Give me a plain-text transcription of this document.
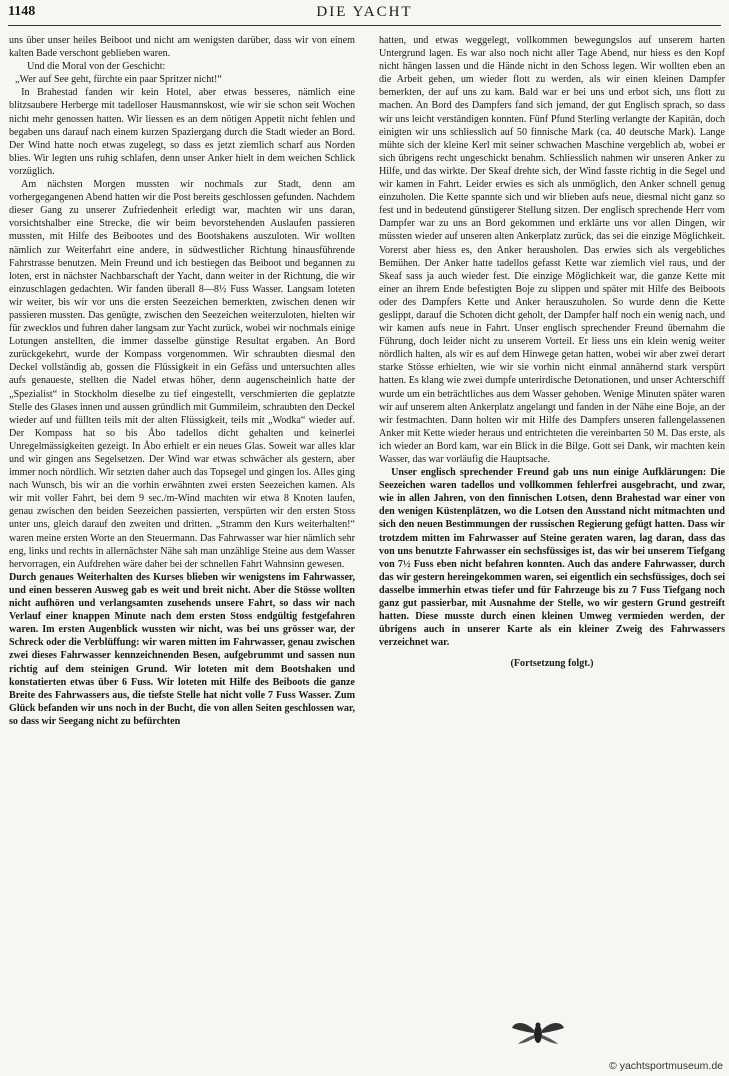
1148	DIE YACHT

uns über unser heiles Beiboot und nicht am wenigsten darüber, dass wir von einem kalten Bade verschont geblieben waren.

Und die Moral von der Geschicht:

„Wer auf See geht, fürchte ein paar Spritzer nicht!“

In Brahestad fanden wir kein Hotel, aber etwas besseres, nämlich eine blitzsaubere Herberge mit tadelloser Hausmannskost, wie wir sie schon seit Wochen nicht mehr genossen hatten. Wir liessen es an dem nötigen Appetit nicht fehlen und begaben uns darauf nach einem kurzen Spaziergang durch die Stadt wieder an Bord. Der Wind hatte noch etwas zugelegt, so dass es jetzt ziemlich scharf aus Norden blies. Wir legten uns ruhig schlafen, denn unser Anker hielt in dem weichen Schlick vorzüglich.

Am nächsten Morgen mussten wir nochmals zur Stadt, denn am vorhergegangenen Abend hatten wir die Post bereits geschlossen gefunden. Nachdem dieser Gang zu unserer Zufriedenheit erledigt war, machten wir uns daran, vorsichtshalber eine Strecke, die wir beim bevorstehenden Auslaufen passieren mussten, mit Hilfe des Beibootes und des Bootshakens auszuloten. Wir wollten nämlich zur Weiterfahrt eine andere, in südwestlicher Richtung hinausführende Fahrstrasse benutzen. Mein Freund und ich bestiegen das Beiboot und begannen zu loten, erst in nächster Nachbarschaft der Yacht, dann weiter in der Richtung, die wir einzuschlagen gedachten. Wir fanden überall 8—8½ Fuss Wasser. Langsam loteten wir weiter, bis wir vor uns die ersten Seezeichen bemerkten, zwischen denen wir passieren mussten. Das genügte, zwischen den Seezeichen weiterzuloten, hielten wir für zwecklos und fuhren daher langsam zur Yacht zurück, wobei wir nochmals einige Lotungen anstellten, die immer dasselbe günstige Resultat ergaben. An Bord zurückgekehrt, wurde der Kompass vorgenommen. Wir schraubten diesmal den Deckel vollständig ab, gossen die Flüssigkeit in ein Gefäss und untersuchten alles aufs genaueste, stellten die Nadel etwas höher, denn augenscheinlich hatte der „Spezialist“ in Stockholm dieselbe zu tief eingestellt, verschmierten die geplatzte Stelle des Glases innen und aussen gründlich mit Gummileim, schraubten den Deckel wieder auf und füllten teils mit der alten Flüssigkeit, teils mit „Wodka“ wieder auf. Der Kompass hat so bis Åbo tadellos dicht gehalten und keinerlei Unregelmässigkeiten gezeigt. In Åbo erhielt er ein neues Glas. Soweit war alles klar und wir gingen ans Segelsetzen. Der Wind war etwas schwächer als gestern, aber immer noch nördlich. Wir setzten daher auch das Topsegel und gingen los. Alles ging nach Wunsch, bis wir an die vorhin erwähnten zwei ersten Seezeichen kamen. Als wir mit voller Fahrt, bei dem 9 sec./m-Wind machten wir etwa 8 Knoten laufen, genau zwischen den beiden Seezeichen passierten, verspürten wir den ersten Stoss unter uns, gleich darauf den zweiten und dritten. „Stramm den Kurs weiterhalten!“ waren meine ersten Worte an den Steuermann. Das Fahrwasser war hier nämlich sehr eng, links und rechts in allernächster Nähe sah man unzählige Steine aus dem Wasser hervorragen, ein Aufdrehen wäre daher bei der schnellen Fahrt Wahnsinn gewesen.

Durch genaues Weiterhalten des Kurses blieben wir wenigstens im Fahrwasser, und einen besseren Ausweg gab es weit und breit nicht. Aber die Stösse wollten nicht aufhören und verlangsamten zusehends unsere Fahrt, so dass wir nach Verlauf einer knappen Minute nach dem ersten Stoss endgültig festgefahren waren. Im ersten Augenblick wussten wir nicht, was bei uns grösser war, der Schreck oder die Verblüffung: wir waren mitten im Fahrwasser, genau zwischen zwei dieses Fahrwasser kennzeichnenden Besen, aufgebrummt und sassen nun richtig auf dem steinigen Grund. Wir loteten mit dem Bootshaken und konstatierten etwas über 6 Fuss. Wir loteten mit Hilfe des Beiboots die ganze Breite des Fahrwassers aus, die tiefste Stelle hat nicht volle 7 Fuss Wasser. Zum Glück befanden wir uns noch in der Bucht, die von allen Seiten geschlossen war, so dass wir Seegang nicht zu befürchten

hatten, und etwas weggelegt, vollkommen bewegungslos auf unserem harten Untergrund lagen. Es war also noch nicht aller Tage Abend, nur hiess es den Kopf nicht hängen lassen und die Hände nicht in den Schoss legen. Wir wollten eben an die Arbeit gehen, um wieder flott zu werden, als wir einen kleinen Dampfer bemerkten, der auf uns zu kam. Bald war er bei uns und erbot sich, uns flott zu machen. An Bord des Dampfers fand sich jemand, der gut Englisch sprach, so dass wir uns leicht verständigen konnten. Fünf Pfund Sterling verlangte der Kapitän, doch einigten wir uns schliesslich auf 50 finnische Mark (ca. 40 deutsche Mark). Lange mühte sich der kleine Kerl mit seiner schwachen Maschine vergeblich ab, wobei er sich übrigens recht ungeschickt benahm. Schliesslich nahmen wir unseren Anker zu Hilfe, und das wirkte. Der Skeaf drehte sich, der Wind fasste richtig in die Segel und wir kamen in Fahrt. Leider erwies es sich als unmöglich, den Anker schnell genug einzuholen. Die Kette spannte sich und wir blieben aufs neue, diesmal nicht ganz so fest und in bedeutend günstigerer Stellung sitzen. Der englisch sprechende Herr vom Dampfer war zu uns an Bord gekommen und erklärte uns vor allen Dingen, wir müssten wieder auf unseren alten Ankerplatz zurück, das sei die einzige Möglichkeit. Vorerst aber hiess es, den Anker herausholen. Das erwies sich als vergebliches Bemühen. Der Anker hatte tadellos gefasst Kette war ziemlich viel raus, und der Skeaf sass ja auch wieder fest. Die einzige Möglichkeit war, die ganze Kette mit einer an ihrem Ende befestigten Boje zu slippen und später mit Hilfe des Beiboots oder des Dampfers Kette und Anker herauszuholen. So wurde denn die Kette geslippt, darauf die Schoten dicht geholt, der Dampfer half noch ein wenig nach, und wir kamen aufs neue in Fahrt. Unser englisch sprechender Freund übernahm die Führung, doch leider nicht zu unserem Vorteil. Er liess uns ein klein wenig weiter nördlich halten, als wir es auf dem Hinwege getan hatten, wobei wir aber zwei derart starke Stösse erhielten, wie wir sie vorhin nicht einmal annähernd stark verspürt hatten. Es klang wie zwei dumpfe unterirdische Detonationen, und unser Achterschiff wurde um ein beträchtliches aus dem Wasser gehoben. Wenige Minuten später waren wir auf unserem alten Ankerplatz angelangt und fanden in der Nähe eine Boje, an der wir festmachten. Dann holten wir mit Hilfe des Dampfers unseren fallengelassenen Anker mit Kette wieder heraus und entrichteten die vereinbarten 50 M. Das erste, als ich wieder an Bord kam, war ein Blick in die Bilge. Gott sei Dank, wir machten kein Wasser, das war vorläufig die Hauptsache.

Unser englisch sprechender Freund gab uns nun einige Aufklärungen: Die Seezeichen waren tadellos und vollkommen fehlerfrei ausgebracht, und zwar, wie in allen Jahren, von den finnischen Lotsen, denn Brahestad war einer von den wenigen Küstenplätzen, wo die Lotsen den Ausstand nicht mitmachten und sich den neuen Bestimmungen der russischen Regierung gefügt hatten. Dass wir trotzdem mitten im Fahrwasser auf Steine geraten waren, lag daran, dass das von uns benutzte Fahrwasser ein sechsfüssiges ist, das wir bei unserem Tiefgang von 7½ Fuss eben nicht befahren konnten. Auch das andere Fahrwasser, durch das wir gestern hereingekommen waren, sei eigentlich ein sechsfüssiges, doch sei dasselbe immerhin etwas tiefer und für Fahrzeuge bis zu 7 Fuss Tiefgang noch ganz gut passierbar, mit Ausnahme der Stelle, wo wir gestern Grund gestreift hatten. Diese musste durch einen kleinen Umweg vermieden werden, der übrigens auch in unserer Karte als ein kleiner Zweig des Fahrwassers verzeichnet war.

(Fortsetzung folgt.)

© yachtsportmuseum.de
